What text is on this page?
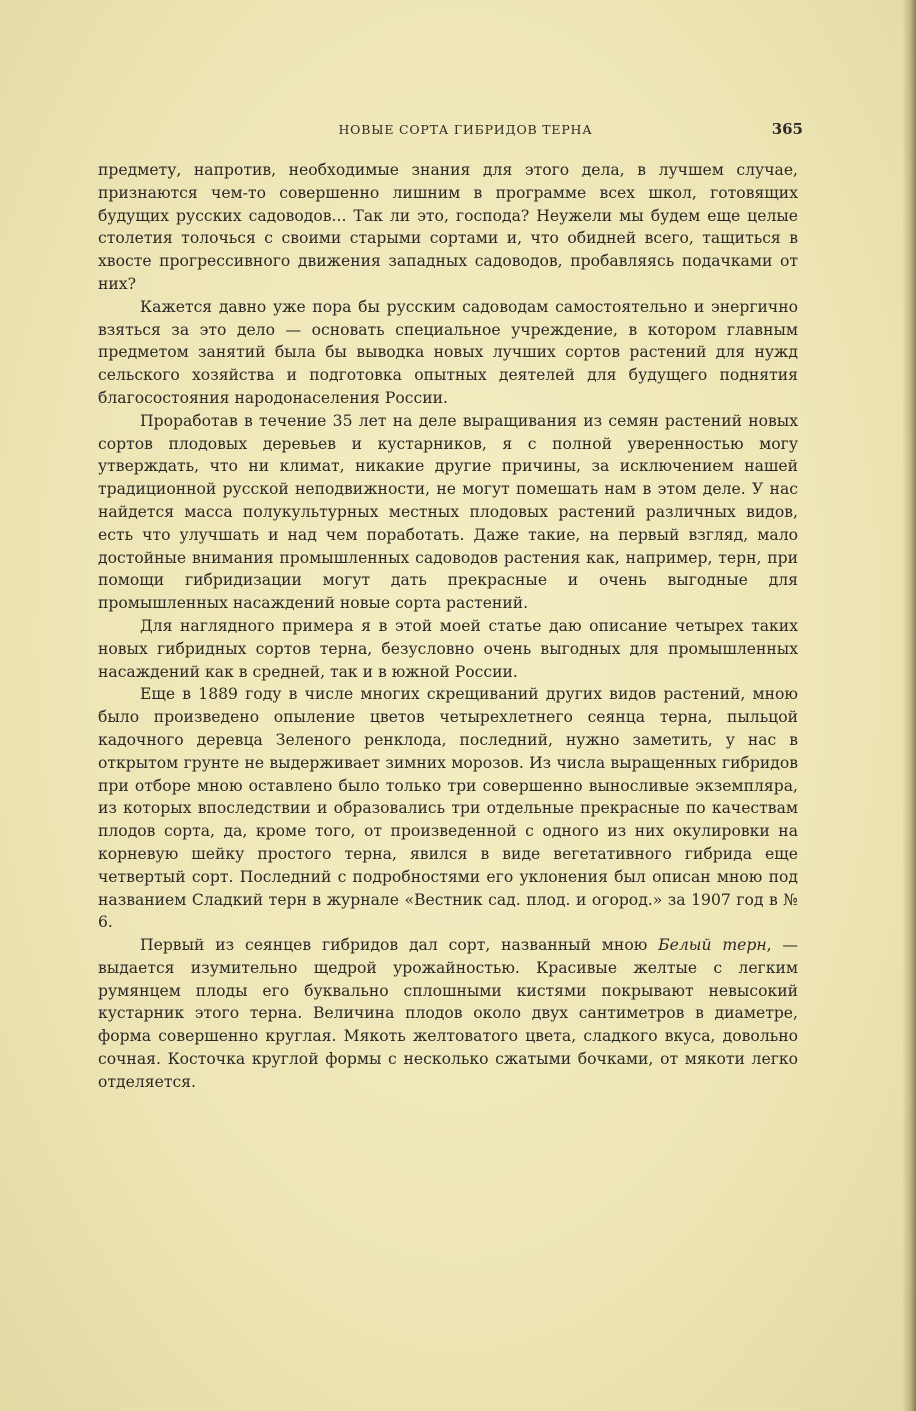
НОВЫЕ СОРТА ГИБРИДОВ ТЕРНА	365

предмету, напротив, необходимые знания для этого дела, в лучшем случае, признаются чем-то совершенно лишним в программе всех школ, готовящих будущих русских садоводов... Так ли это, господа? Неужели мы будем еще целые столетия толочься с своими старыми сортами и, что обидней всего, тащиться в хвосте прогрессивного движения западных садоводов, пробавляясь подачками от них?

Кажется давно уже пора бы русским садоводам самостоятельно и энергично взяться за это дело — основать специальное учреждение, в котором главным предметом занятий была бы выводка новых лучших сортов растений для нужд сельского хозяйства и подготовка опытных деятелей для будущего поднятия благосостояния народонаселения России.

Проработав в течение 35 лет на деле выращивания из семян растений новых сортов плодовых деревьев и кустарников, я с полной уверенностью могу утверждать, что ни климат, никакие другие причины, за исключением нашей традиционной русской неподвижности, не могут помешать нам в этом деле. У нас найдется масса полукультурных местных плодовых растений различных видов, есть что улучшать и над чем поработать. Даже такие, на первый взгляд, мало достойные внимания промышленных садоводов растения как, например, терн, при помощи гибридизации могут дать прекрасные и очень выгодные для промышленных насаждений новые сорта растений.

Для наглядного примера я в этой моей статье даю описание четырех таких новых гибридных сортов терна, безусловно очень выгодных для промышленных насаждений как в средней, так и в южной России.

Еще в 1889 году в числе многих скрещиваний других видов растений, мною было произведено опыление цветов четырехлетнего сеянца терна, пыльцой кадочного деревца Зеленого ренклода, последний, нужно заметить, у нас в открытом грунте не выдерживает зимних морозов. Из числа выращенных гибридов при отборе мною оставлено было только три совершенно выносливые экземпляра, из которых впоследствии и образовались три отдельные прекрасные по качествам плодов сорта, да, кроме того, от произведенной с одного из них окулировки на корневую шейку простого терна, явился в виде вегетативного гибрида еще четвертый сорт. Последний с подробностями его уклонения был описан мною под названием Сладкий терн в журнале «Вестник сад. плод. и огород.» за 1907 год в № 6.

Первый из сеянцев гибридов дал сорт, названный мною Белый терн, — выдается изумительно щедрой урожайностью. Красивые желтые с легким румянцем плоды его буквально сплошными кистями покрывают невысокий кустарник этого терна. Величина плодов около двух сантиметров в диаметре, форма совершенно круглая. Мякоть желтоватого цвета, сладкого вкуса, довольно сочная. Косточка круглой формы с несколько сжатыми бочками, от мякоти легко отделяется.
